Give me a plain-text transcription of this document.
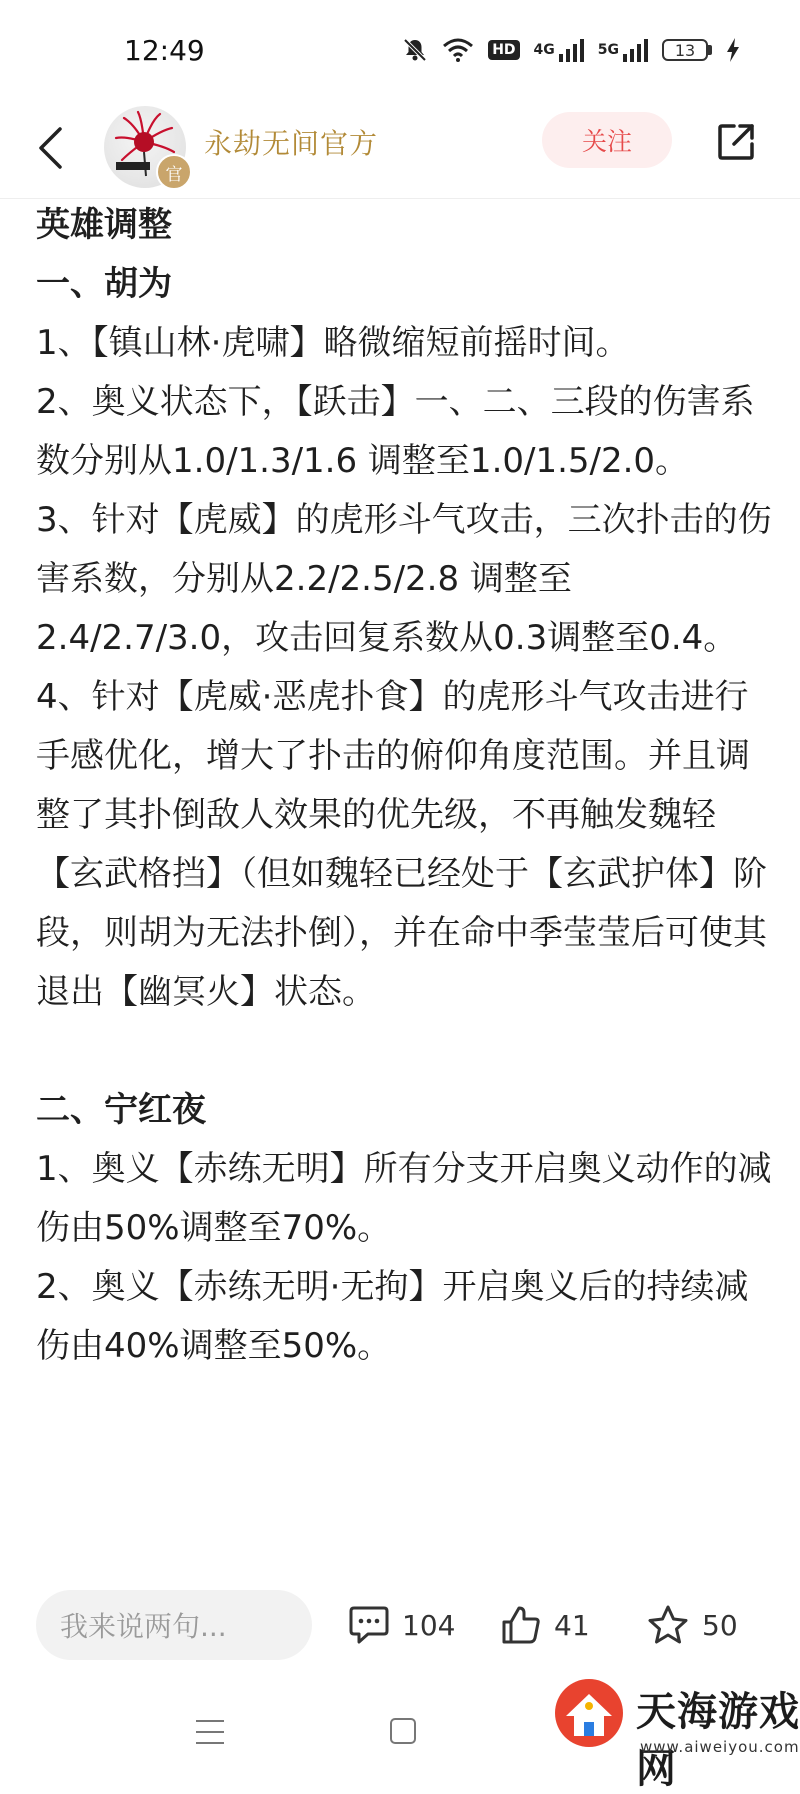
12:49	HD 4G	5G	13
官
永劫无间官方	关注

英雄调整

一、胡为

1、【镇山林·虎啸】略微缩短前摇时间。

2、奥义状态下，【跃击】一、二、三段的伤害系数分别从1.0/1.3/1.6 调整至1.0/1.5/2.0。

3、针对【虎威】的虎形斗气攻击，三次扑击的伤害系数，分别从2.2/2.5/2.8 调整至2.4/2.7/3.0，攻击回复系数从0.3调整至0.4。

4、针对【虎威·恶虎扑食】的虎形斗气攻击进行手感优化，增大了扑击的俯仰角度范围。并且调整了其扑倒敌人效果的优先级，不再触发魏轻【玄武格挡】（但如魏轻已经处于【玄武护体】阶段，则胡为无法扑倒），并在命中季莹莹后可使其退出【幽冥火】状态。

二、宁红夜

1、奥义【赤练无明】所有分支开启奥义动作的减伤由50%调整至70%。

2、奥义【赤练无明·无拘】开启奥义后的持续减伤由40%调整至50%。

我来说两句...	104	41	50
天海游戏网
www.aiweiyou.com
